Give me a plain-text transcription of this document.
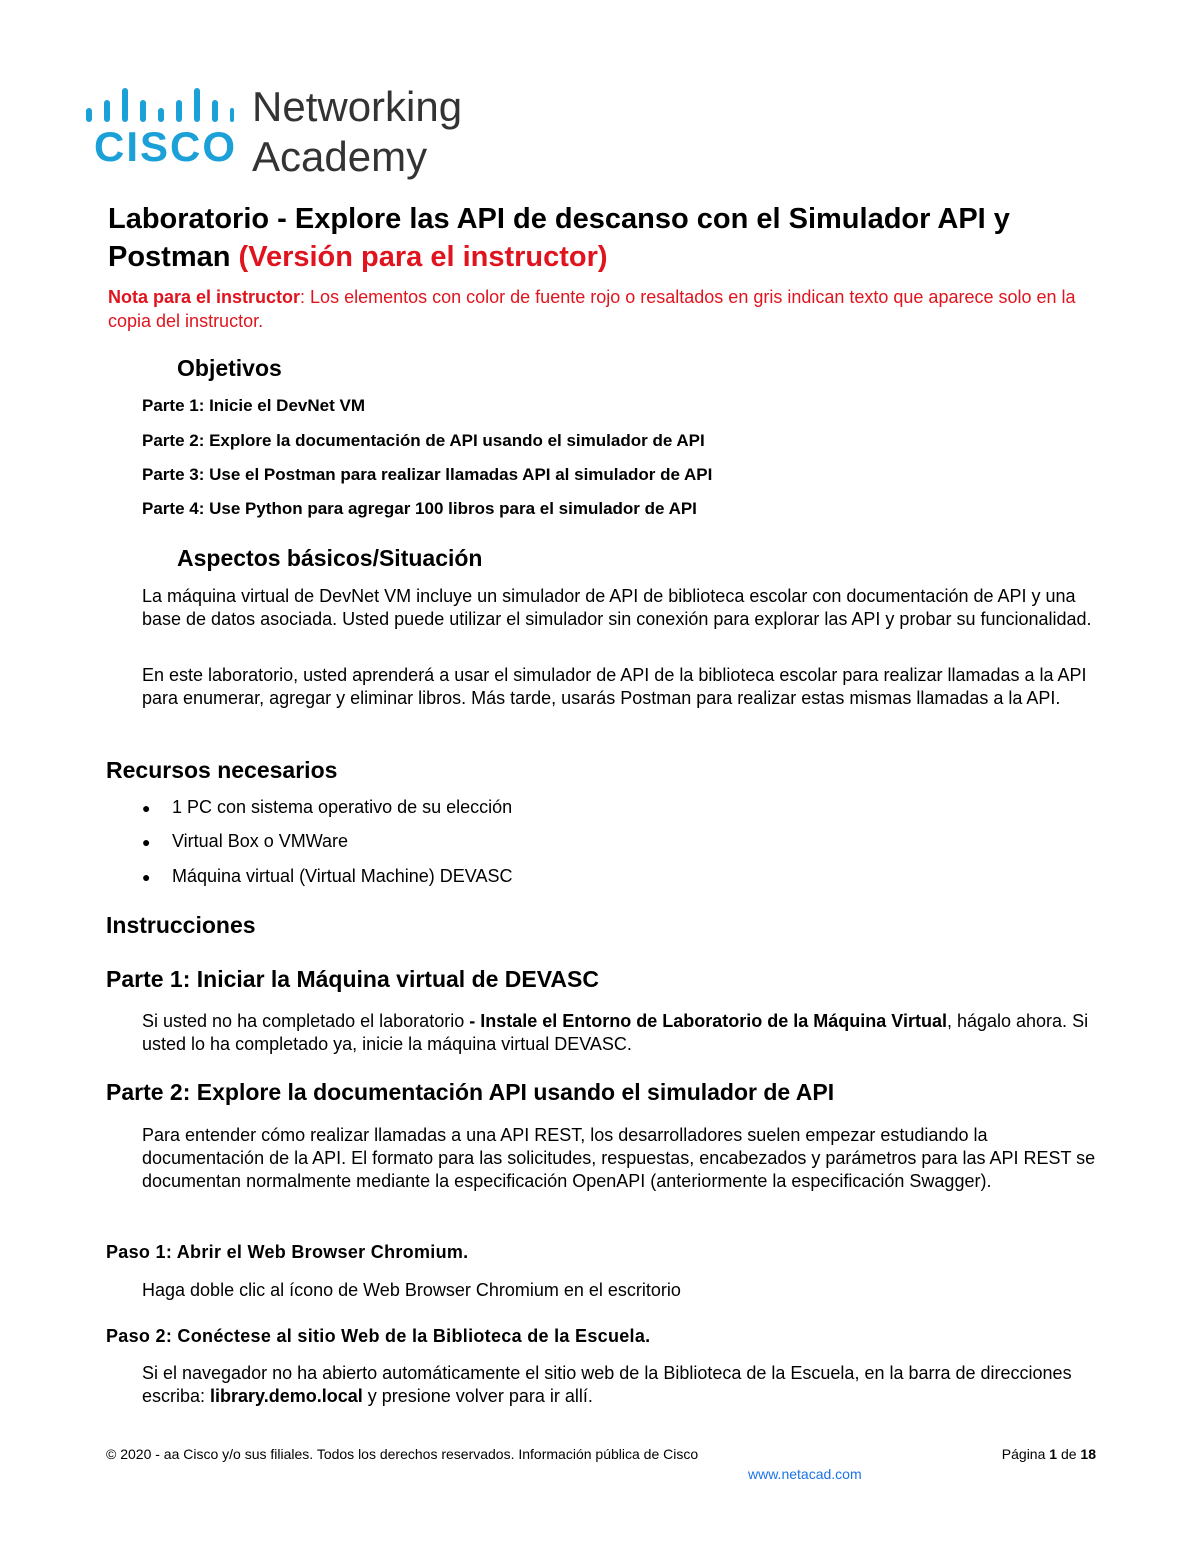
CISCO
Networking
Academy
Laboratorio - Explore las API de descanso con el Simulador API y Postman (Versión para el instructor)
Nota para el instructor: Los elementos con color de fuente rojo o resaltados en gris indican texto que aparece solo en la copia del instructor.
Objetivos
Parte 1: Inicie el DevNet VM
Parte 2: Explore la documentación de API usando el simulador de API
Parte 3: Use el Postman para realizar llamadas API al simulador de API
Parte 4: Use Python para agregar 100 libros para el simulador de API
Aspectos básicos/Situación
La máquina virtual de DevNet VM incluye un simulador de API de biblioteca escolar con documentación de API y una base de datos asociada. Usted puede utilizar el simulador sin conexión para explorar las API y probar su funcionalidad.
En este laboratorio, usted aprenderá a usar el simulador de API de la biblioteca escolar para realizar llamadas a la API para enumerar, agregar y eliminar libros. Más tarde, usarás Postman para realizar estas mismas llamadas a la API.
Recursos necesarios
● 1 PC con sistema operativo de su elección
● Virtual Box o VMWare
● Máquina virtual (Virtual Machine) DEVASC
Instrucciones
Parte 1: Iniciar la Máquina virtual de DEVASC
Si usted no ha completado el laboratorio - Instale el Entorno de Laboratorio de la Máquina Virtual, hágalo ahora. Si usted lo ha completado ya, inicie la máquina virtual DEVASC.
Parte 2: Explore la documentación API usando el simulador de API
Para entender cómo realizar llamadas a una API REST, los desarrolladores suelen empezar estudiando la documentación de la API. El formato para las solicitudes, respuestas, encabezados y parámetros para las API REST se documentan normalmente mediante la especificación OpenAPI (anteriormente la especificación Swagger).
Paso 1: Abrir el Web Browser Chromium.
Haga doble clic al ícono de Web Browser Chromium en el escritorio
Paso 2: Conéctese al sitio Web de la Biblioteca de la Escuela.
Si el navegador no ha abierto automáticamente el sitio web de la Biblioteca de la Escuela, en la barra de direcciones escriba: library.demo.local y presione volver para ir allí.
© 2020 - aa Cisco y/o sus filiales. Todos los derechos reservados. Información pública de Cisco	Página 1 de 18
www.netacad.com
